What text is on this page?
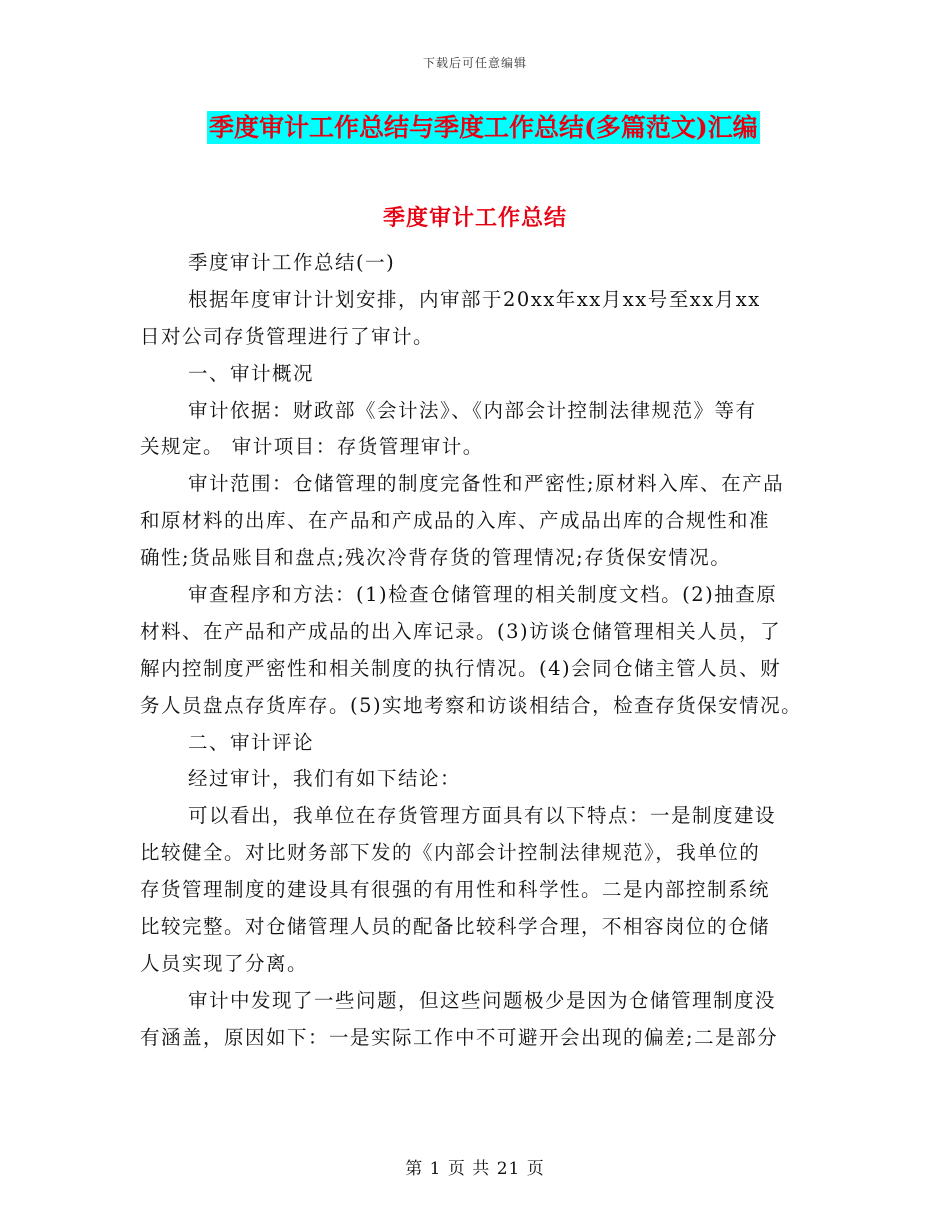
下载后可任意编辑
季度审计工作总结与季度工作总结(多篇范文)汇编
季度审计工作总结
季度审计工作总结(一)
根据年度审计计划安排，内审部于20xx年xx月xx号至xx月xx
日对公司存货管理进行了审计。
一、审计概况
审计依据：财政部《会计法》、《内部会计控制法律规范》等有
关规定。 审计项目：存货管理审计。
审计范围：仓储管理的制度完备性和严密性;原材料入库、在产品
和原材料的出库、在产品和产成品的入库、产成品出库的合规性和准
确性;货品账目和盘点;残次冷背存货的管理情况;存货保安情况。
审查程序和方法：(1)检查仓储管理的相关制度文档。(2)抽查原
材料、在产品和产成品的出入库记录。(3)访谈仓储管理相关人员，了
解内控制度严密性和相关制度的执行情况。(4)会同仓储主管人员、财
务人员盘点存货库存。(5)实地考察和访谈相结合，检查存货保安情况。
二、审计评论
经过审计，我们有如下结论：
可以看出，我单位在存货管理方面具有以下特点：一是制度建设
比较健全。对比财务部下发的《内部会计控制法律规范》，我单位的
存货管理制度的建设具有很强的有用性和科学性。二是内部控制系统
比较完整。对仓储管理人员的配备比较科学合理，不相容岗位的仓储
人员实现了分离。
审计中发现了一些问题，但这些问题极少是因为仓储管理制度没
有涵盖，原因如下：一是实际工作中不可避开会出现的偏差;二是部分
第 1 页 共 21 页
